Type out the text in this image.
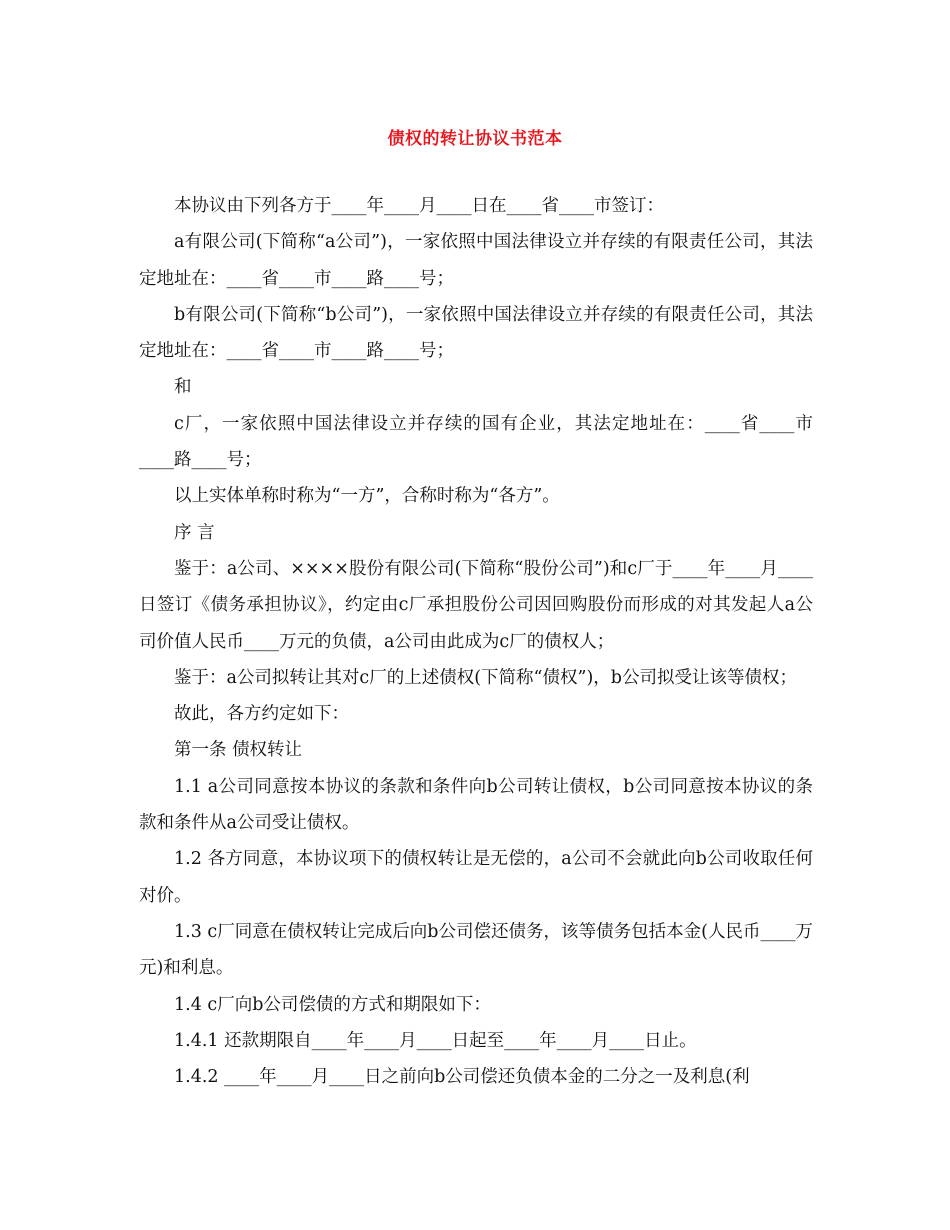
债权的转让协议书范本

本协议由下列各方于____年____月____日在____省____市签订：

a有限公司(下简称“a公司”)，一家依照中国法律设立并存续的有限责任公司，其法定地址在：____省____市____路____号；

b有限公司(下简称“b公司”)，一家依照中国法律设立并存续的有限责任公司，其法定地址在：____省____市____路____号；

和

c厂，一家依照中国法律设立并存续的国有企业，其法定地址在：____省____市____路____号；

以上实体单称时称为“一方”，合称时称为“各方”。

序 言

鉴于：a公司、××××股份有限公司(下简称“股份公司”)和c厂于____年____月____日签订《债务承担协议》，约定由c厂承担股份公司因回购股份而形成的对其发起人a公司价值人民币____万元的负债，a公司由此成为c厂的债权人；

鉴于：a公司拟转让其对c厂的上述债权(下简称“债权”)，b公司拟受让该等债权；

故此，各方约定如下：

第一条 债权转让

1.1 a公司同意按本协议的条款和条件向b公司转让债权，b公司同意按本协议的条款和条件从a公司受让债权。

1.2 各方同意，本协议项下的债权转让是无偿的，a公司不会就此向b公司收取任何对价。

1.3 c厂同意在债权转让完成后向b公司偿还债务，该等债务包括本金(人民币____万元)和利息。

1.4 c厂向b公司偿债的方式和期限如下：

1.4.1 还款期限自____年____月____日起至____年____月____日止。

1.4.2 ____年____月____日之前向b公司偿还负债本金的二分之一及利息(利
